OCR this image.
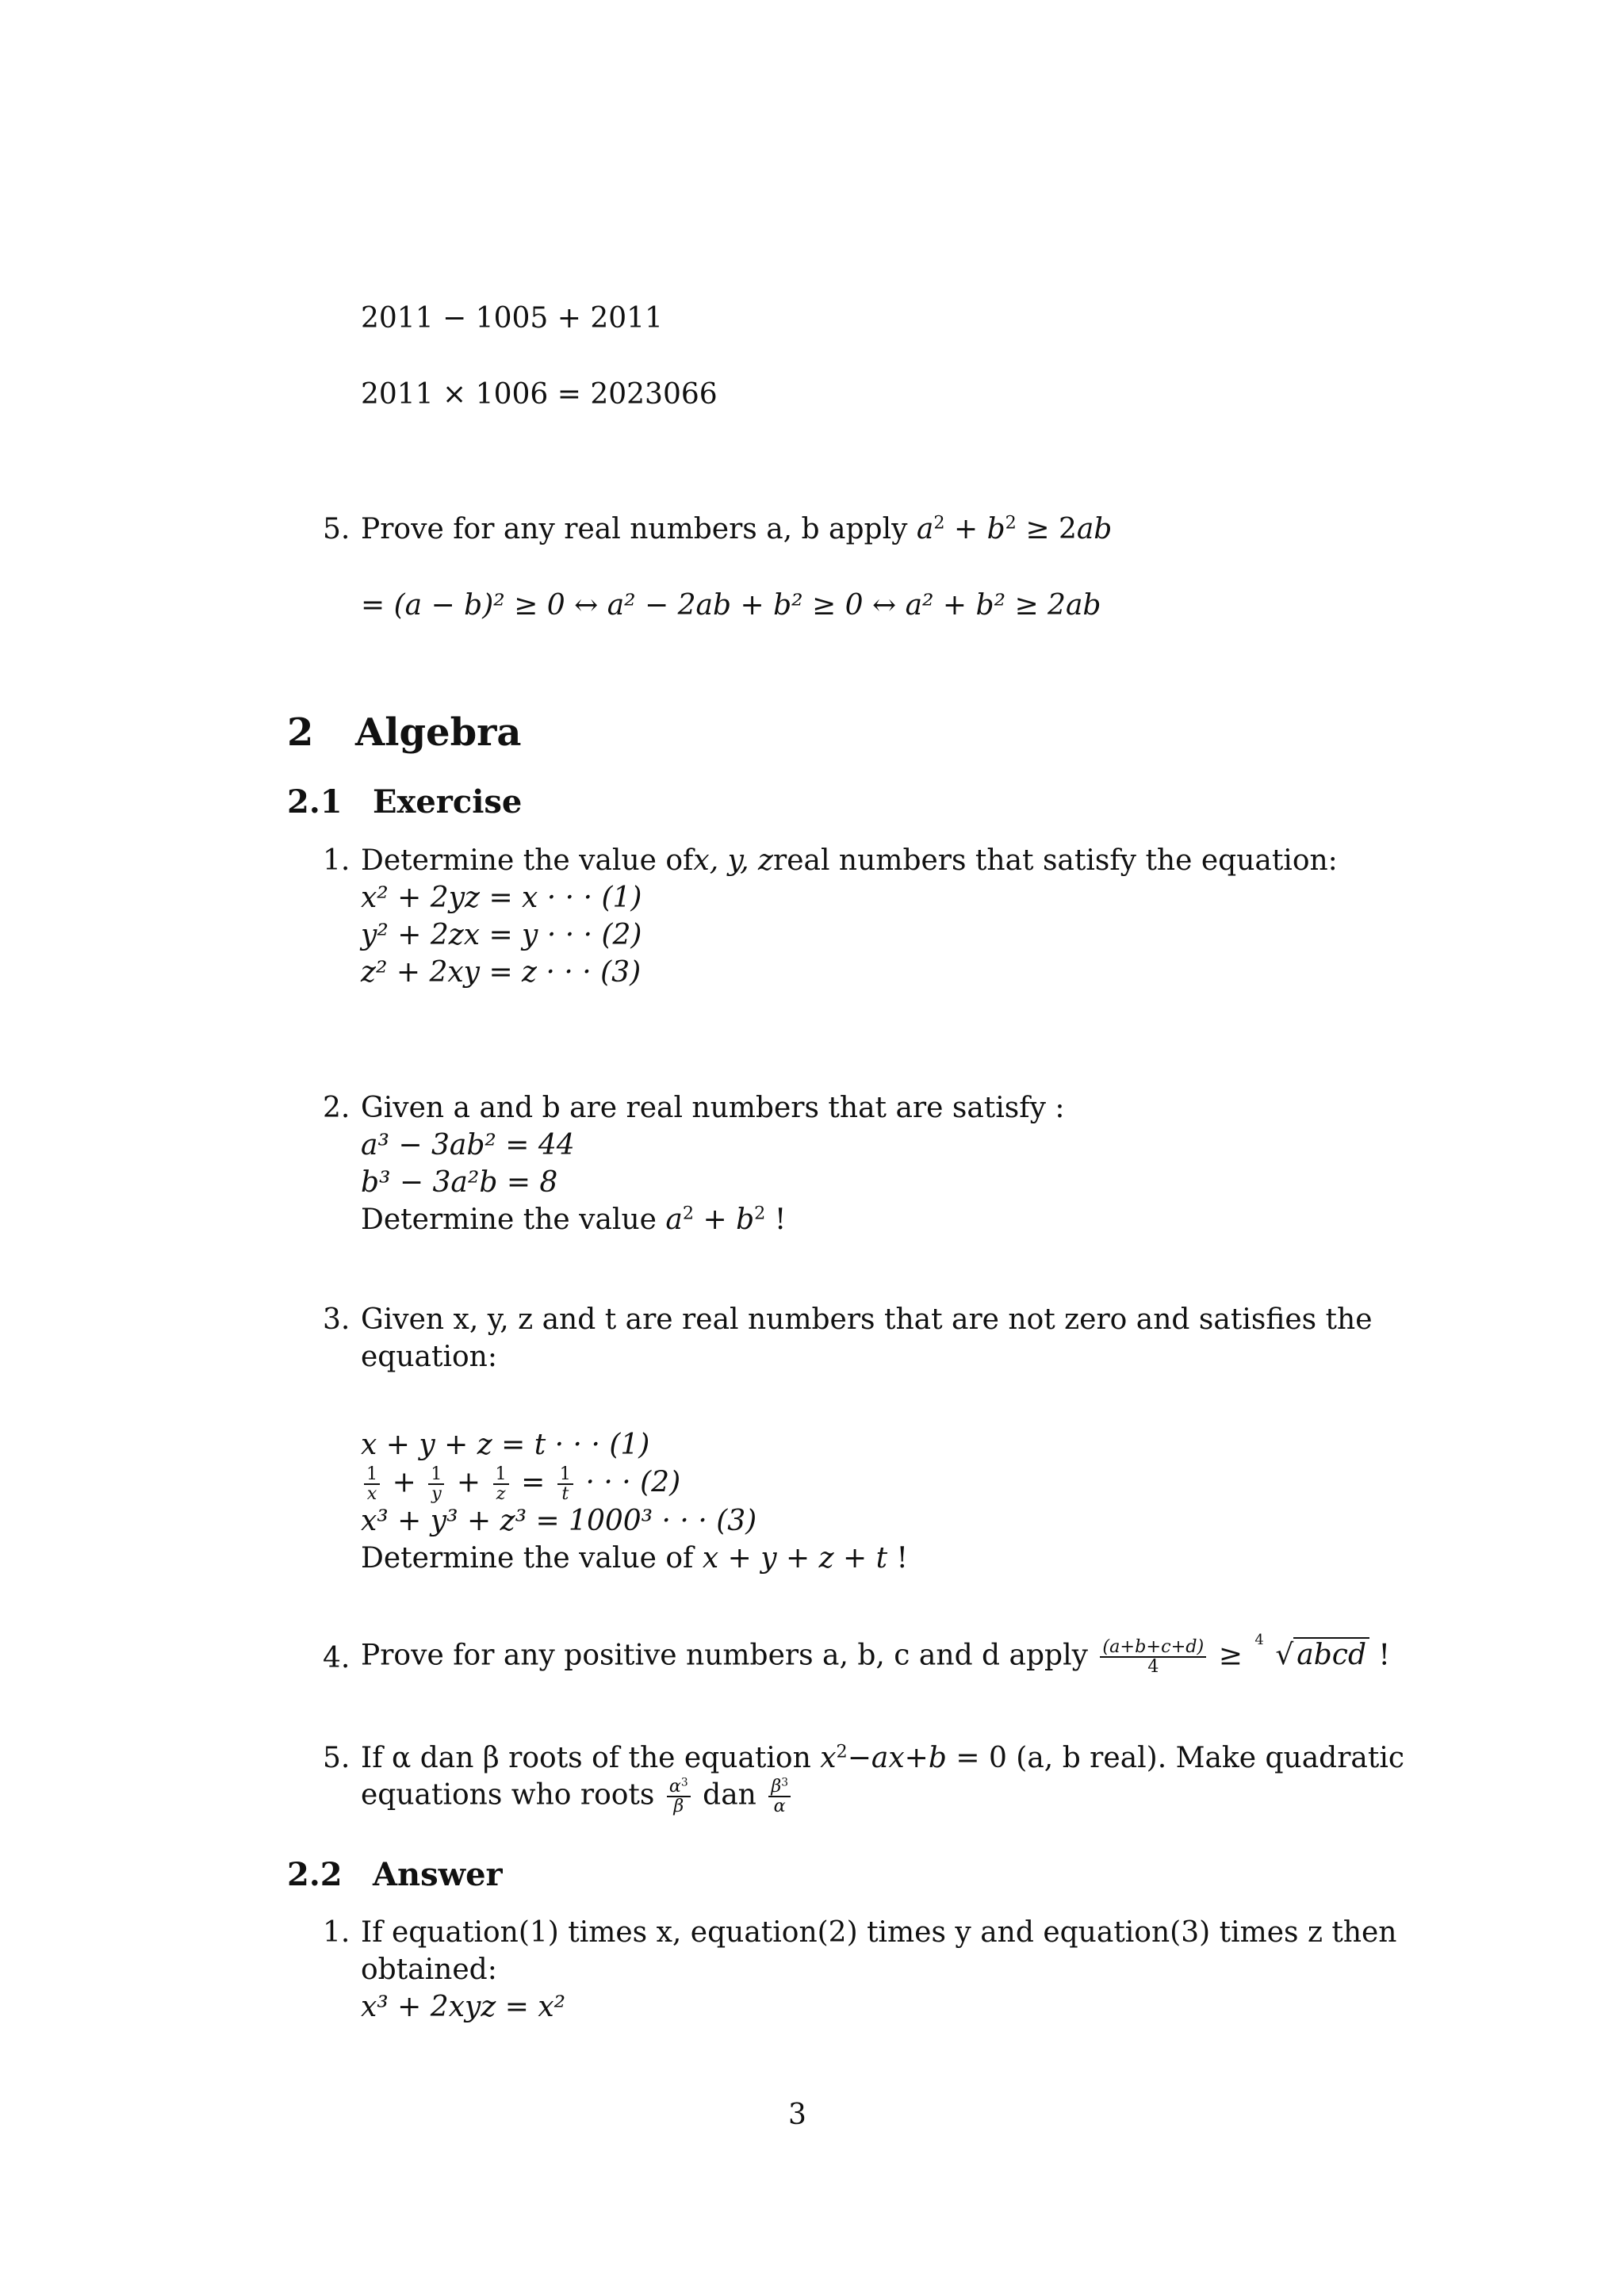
2011 − 1005 + 2011
2011 × 1006 = 2023066
5. Prove for any real numbers a, b apply $a^2 + b^2 \ge 2ab$
= (a − b)² ≥ 0 ↔ a² − 2ab + b² ≥ 0 ↔ a² + b² ≥ 2ab
2 Algebra
2.1 Exercise
1. Determine the value of x, y, z real numbers that satisfy the equation:
x² + 2yz = x · · · (1)
y² + 2zx = y · · · (2)
z² + 2xy = z · · · (3)
2. Given a and b are real numbers that are satisfy :
a³ − 3ab² = 44
b³ − 3a²b = 8
Determine the value $a^2 + b^2$ !
3. Given x, y, z and t are real numbers that are not zero and satisfies the
equation:
x + y + z = t · · · (1)
$\frac{1}{x} + \frac{1}{y} + \frac{1}{z} = \frac{1}{t}$ · · · (2)
x³ + y³ + z³ = 1000³ · · · (3)
Determine the value of x + y + z + t !
4. Prove for any positive numbers a, b, c and d apply $\frac{(a+b+c+d)}{4} \ge 4$ √ abcd !
5. If α dan β roots of the equation $x^2-ax+b = 0$ (a, b real). Make quadratic
equations who roots $\frac{\alpha^3}{\beta}$ dan $\frac{\beta^3}{\alpha}$
2.2 Answer
1. If equation(1) times x, equation(2) times y and equation(3) times z then
obtained:
x³ + 2xyz = x²
3
